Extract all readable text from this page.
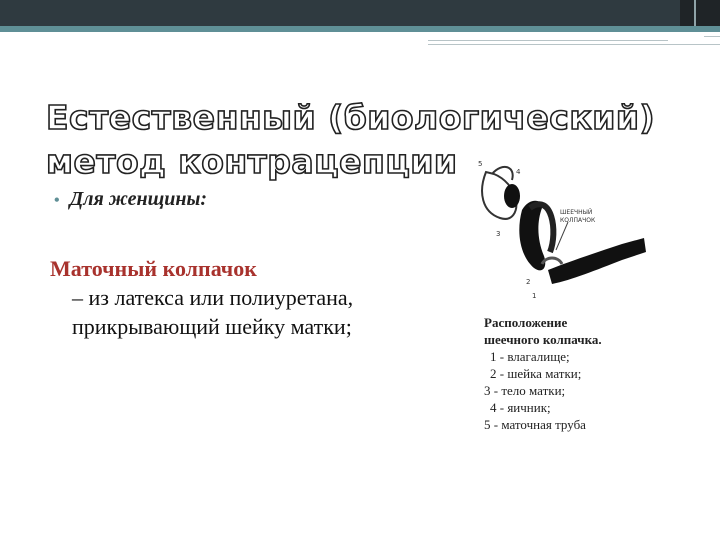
Естественный (биологический) метод контрацепции
• Для женщины:
Маточный колпачок
– из латекса или полиуретана, прикрывающий шейку матки;
ШЕЕЧНЫЙ
КОЛПАЧОК
5
4
3
2
1
Расположение
шеечного колпачка.
1 - влагалище;
2 - шейка матки;
3 - тело матки;
4 - яичник;
5 - маточная труба
